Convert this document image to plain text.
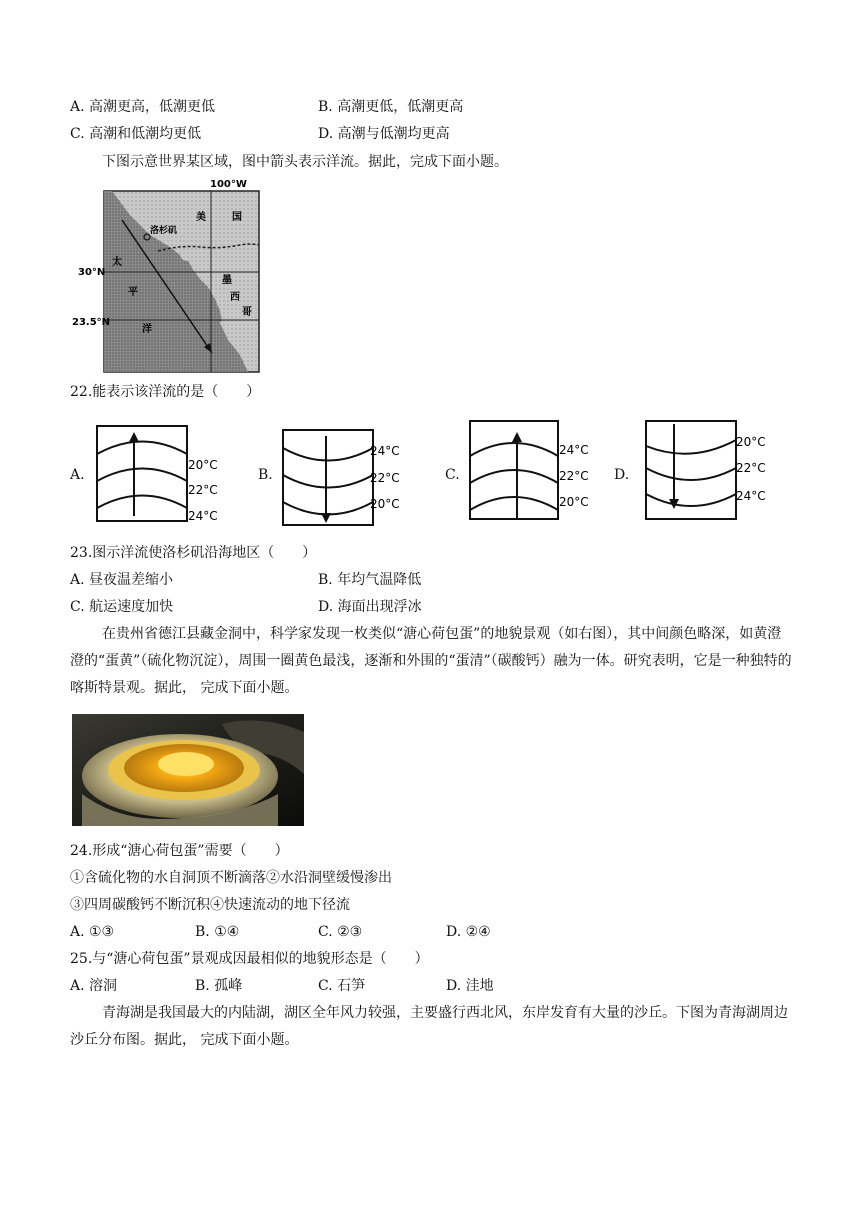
A. 高潮更高，低潮更低	B. 高潮更低，低潮更高
C. 高潮和低潮均更低	D. 高潮与低潮均更高
下图示意世界某区域，图中箭头表示洋流。据此，完成下面小题。
100°W
30°N
23.5°N
洛杉矶
美	国
墨
西
哥
太
平
洋
22.能表示该洋流的是（　　）
A.
20°C
22°C
24°C
B.
24°C
22°C
20°C
C.
24°C
22°C
20°C
D.
20°C
22°C
24°C
23.图示洋流使洛杉矶沿海地区（　　）
A. 昼夜温差缩小	B. 年均气温降低
C. 航运速度加快	D. 海面出现浮冰
在贵州省德江县藏金洞中，科学家发现一枚类似“溏心荷包蛋”的地貌景观（如右图），其中间颜色略深，如黄澄澄的“蛋黄”（硫化物沉淀），周围一圈黄色最浅，逐渐和外围的“蛋清”（碳酸钙）融为一体。研究表明，它是一种独特的喀斯特景观。据此， 完成下面小题。
24.形成“溏心荷包蛋”需要（　　）
①含硫化物的水自洞顶不断滴落②水沿洞壁缓慢渗出
③四周碳酸钙不断沉积④快速流动的地下径流
A. ①③	B. ①④	C. ②③	D. ②④
25.与“溏心荷包蛋”景观成因最相似的地貌形态是（　　）
A. 溶洞	B. 孤峰	C. 石笋	D. 洼地
青海湖是我国最大的内陆湖，湖区全年风力较强，主要盛行西北风，东岸发育有大量的沙丘。下图为青海湖周边沙丘分布图。据此， 完成下面小题。
